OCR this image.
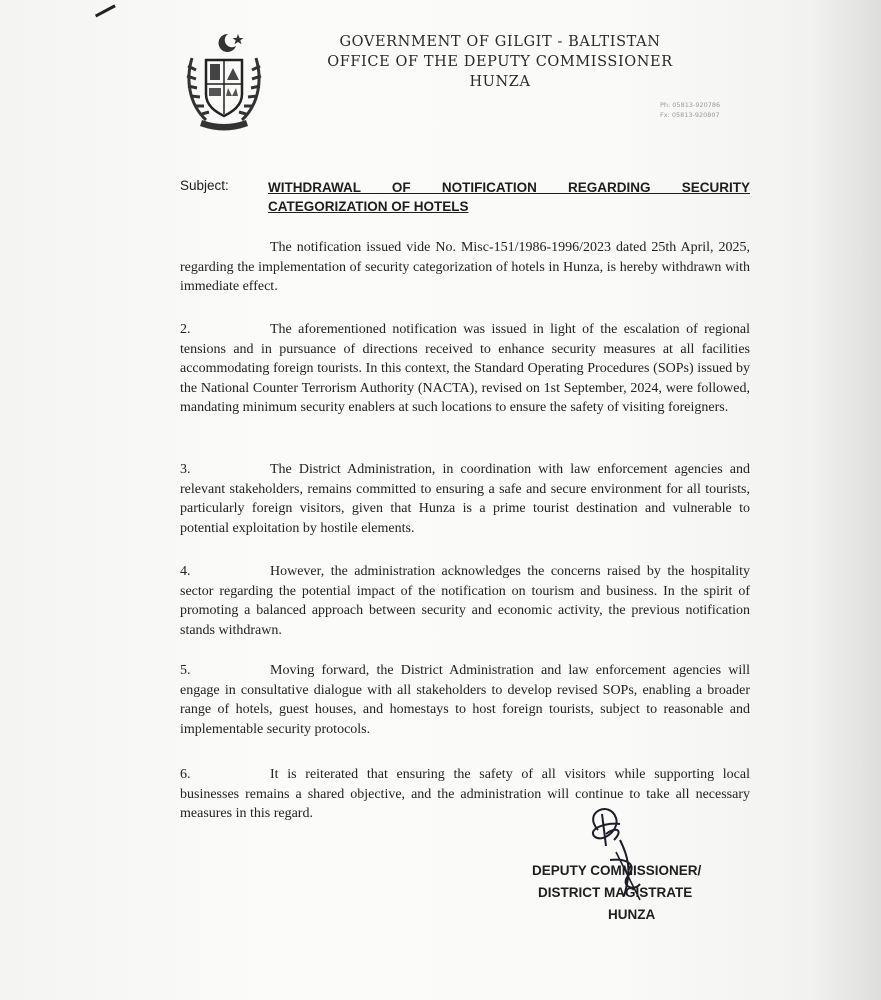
GOVERNMENT OF GILGIT - BALTISTAN
OFFICE OF THE DEPUTY COMMISSIONER
HUNZA
Ph: 05813-920786
Fx: 05813-920807
Subject:	WITHDRAWAL OF NOTIFICATION REGARDING SECURITY CATEGORIZATION OF HOTELS
The notification issued vide No. Misc-151/1986-1996/2023 dated 25th April, 2025, regarding the implementation of security categorization of hotels in Hunza, is hereby withdrawn with immediate effect.
2.	The aforementioned notification was issued in light of the escalation of regional tensions and in pursuance of directions received to enhance security measures at all facilities accommodating foreign tourists. In this context, the Standard Operating Procedures (SOPs) issued by the National Counter Terrorism Authority (NACTA), revised on 1st September, 2024, were followed, mandating minimum security enablers at such locations to ensure the safety of visiting foreigners.
3.	The District Administration, in coordination with law enforcement agencies and relevant stakeholders, remains committed to ensuring a safe and secure environment for all tourists, particularly foreign visitors, given that Hunza is a prime tourist destination and vulnerable to potential exploitation by hostile elements.
4.	However, the administration acknowledges the concerns raised by the hospitality sector regarding the potential impact of the notification on tourism and business. In the spirit of promoting a balanced approach between security and economic activity, the previous notification stands withdrawn.
5.	Moving forward, the District Administration and law enforcement agencies will engage in consultative dialogue with all stakeholders to develop revised SOPs, enabling a broader range of hotels, guest houses, and homestays to host foreign tourists, subject to reasonable and implementable security protocols.
6.	It is reiterated that ensuring the safety of all visitors while supporting local businesses remains a shared objective, and the administration will continue to take all necessary measures in this regard.
DEPUTY COMMISSIONER/
DISTRICT MAGISTRATE
HUNZA
